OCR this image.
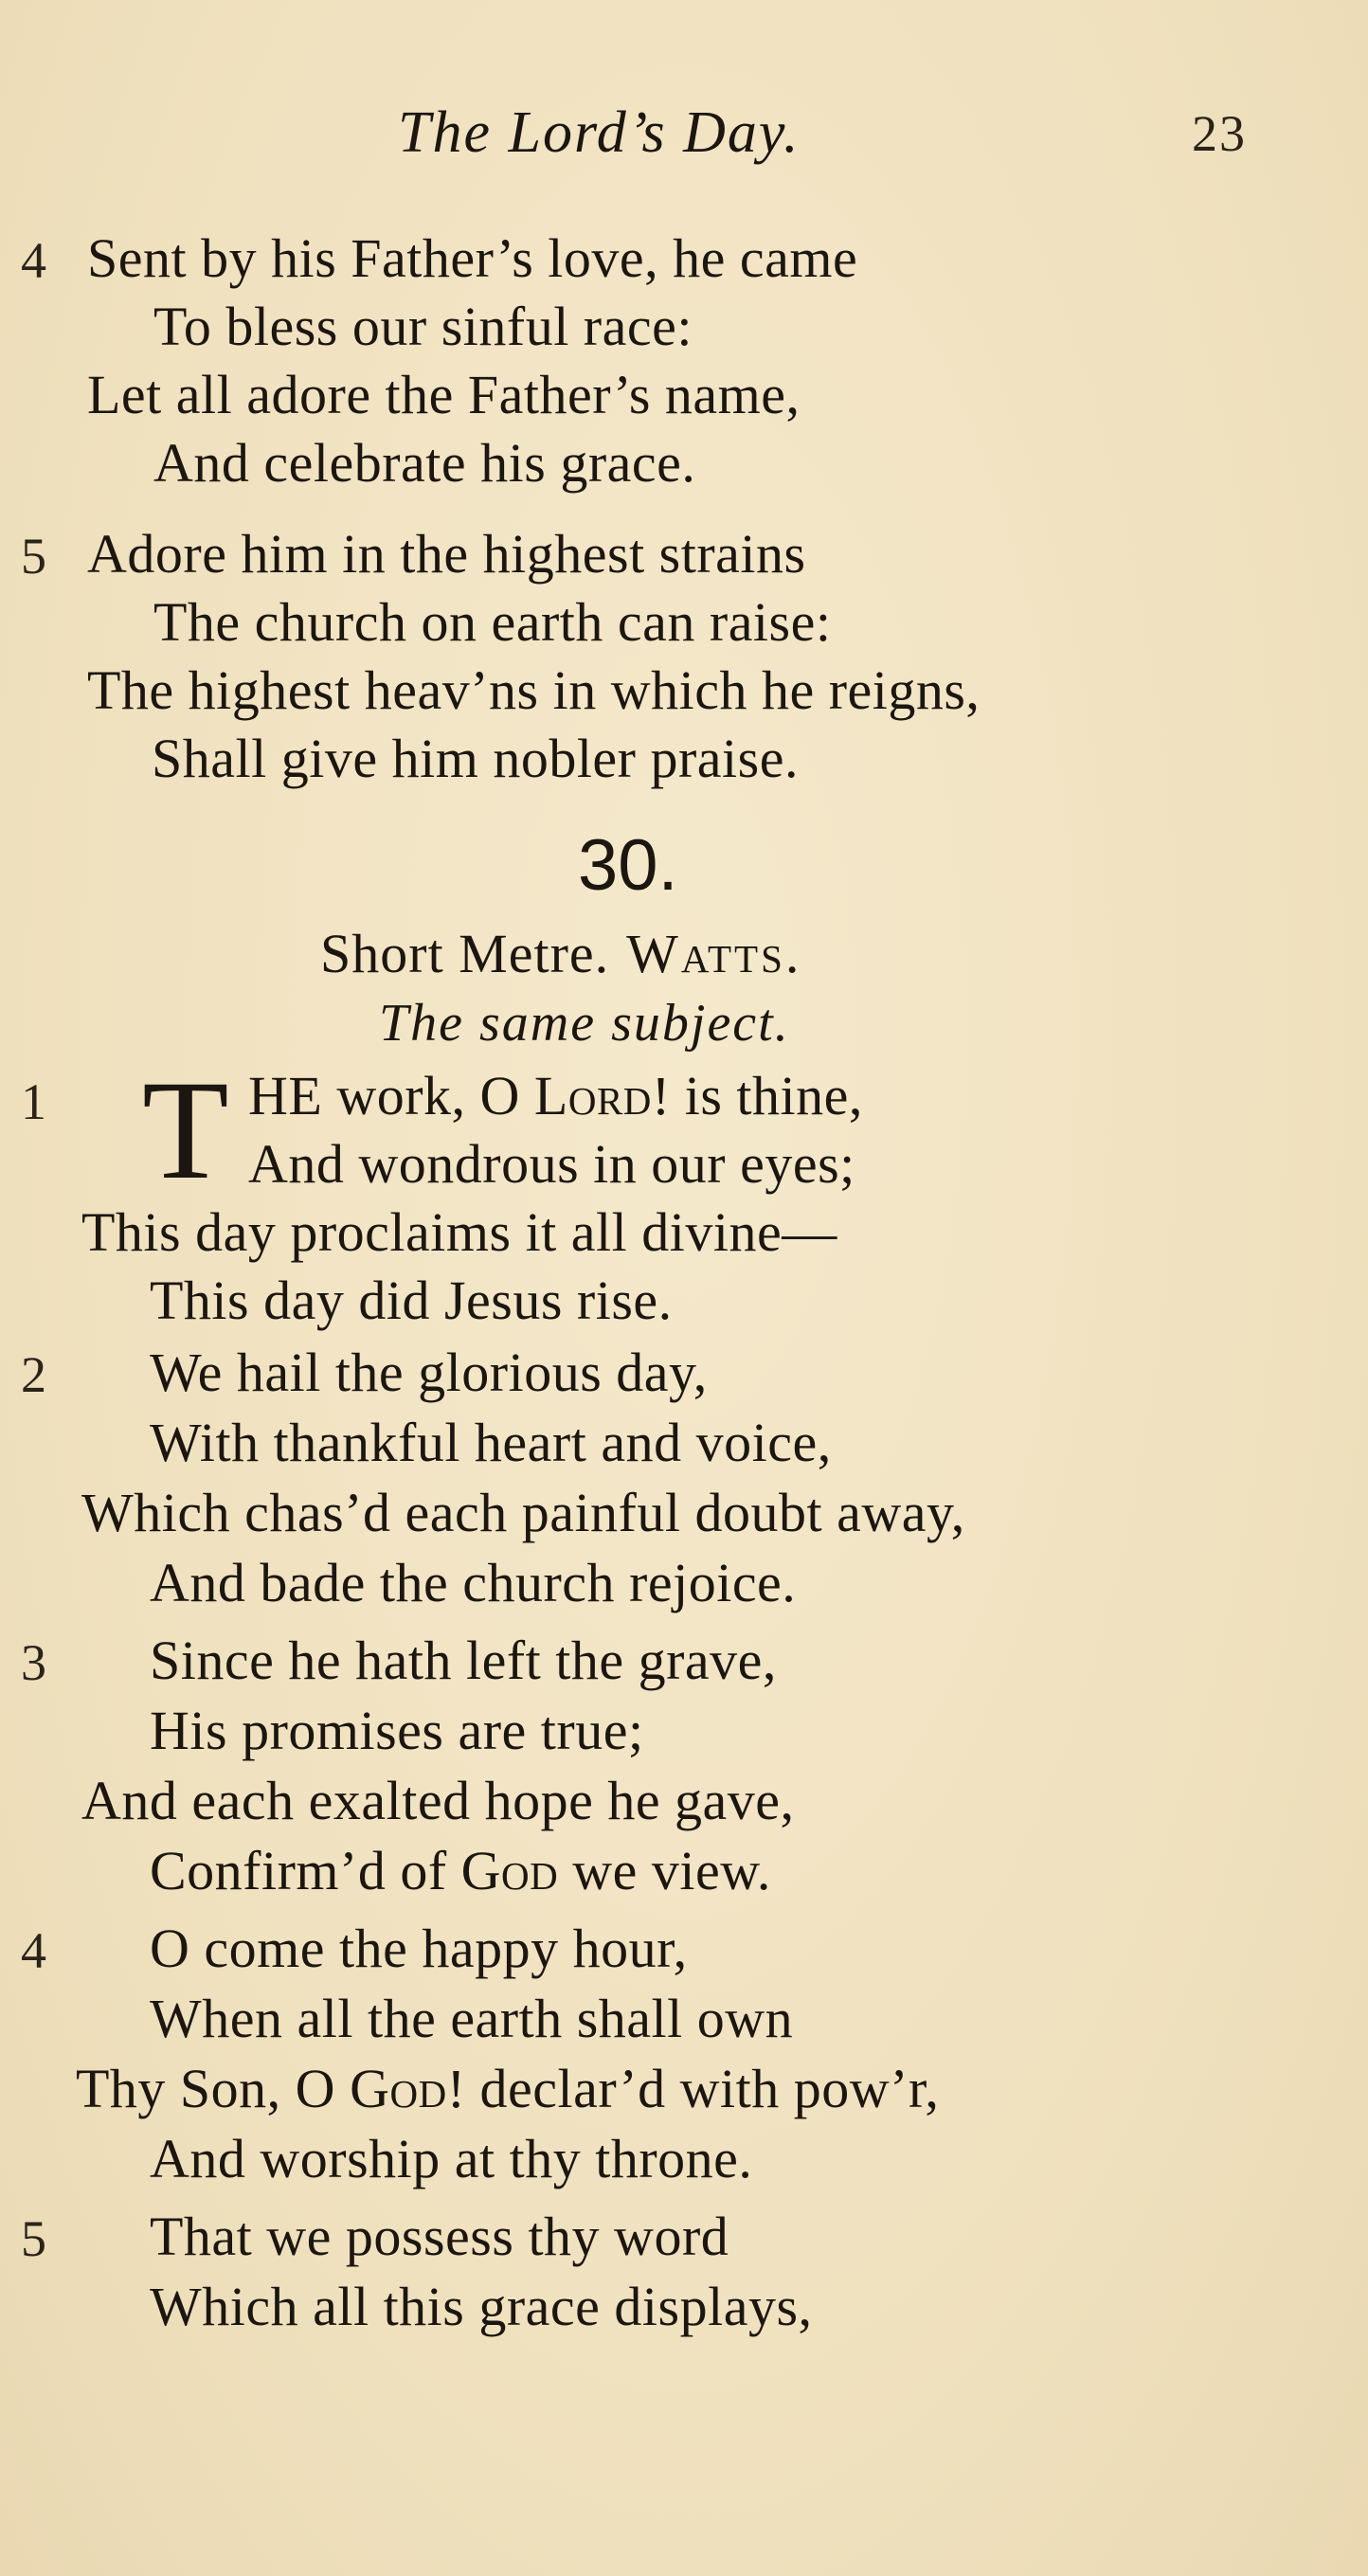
The Lord’s Day.	23
4 Sent by his Father’s love, he came
To bless our sinful race:
Let all adore the Father’s name,
And celebrate his grace.
5 Adore him in the highest strains
The church on earth can raise:
The highest heav’ns in which he reigns,
Shall give him nobler praise.
30.
Short Metre. Watts.
The same subject.
1 T HE work, O Lord! is thine,
And wondrous in our eyes;
This day proclaims it all divine—
This day did Jesus rise.
2 We hail the glorious day,
With thankful heart and voice,
Which chas’d each painful doubt away,
And bade the church rejoice.
3 Since he hath left the grave,
His promises are true;
And each exalted hope he gave,
Confirm’d of God we view.
4 O come the happy hour,
When all the earth shall own
Thy Son, O God! declar’d with pow’r,
And worship at thy throne.
5 That we possess thy word
Which all this grace displays,
